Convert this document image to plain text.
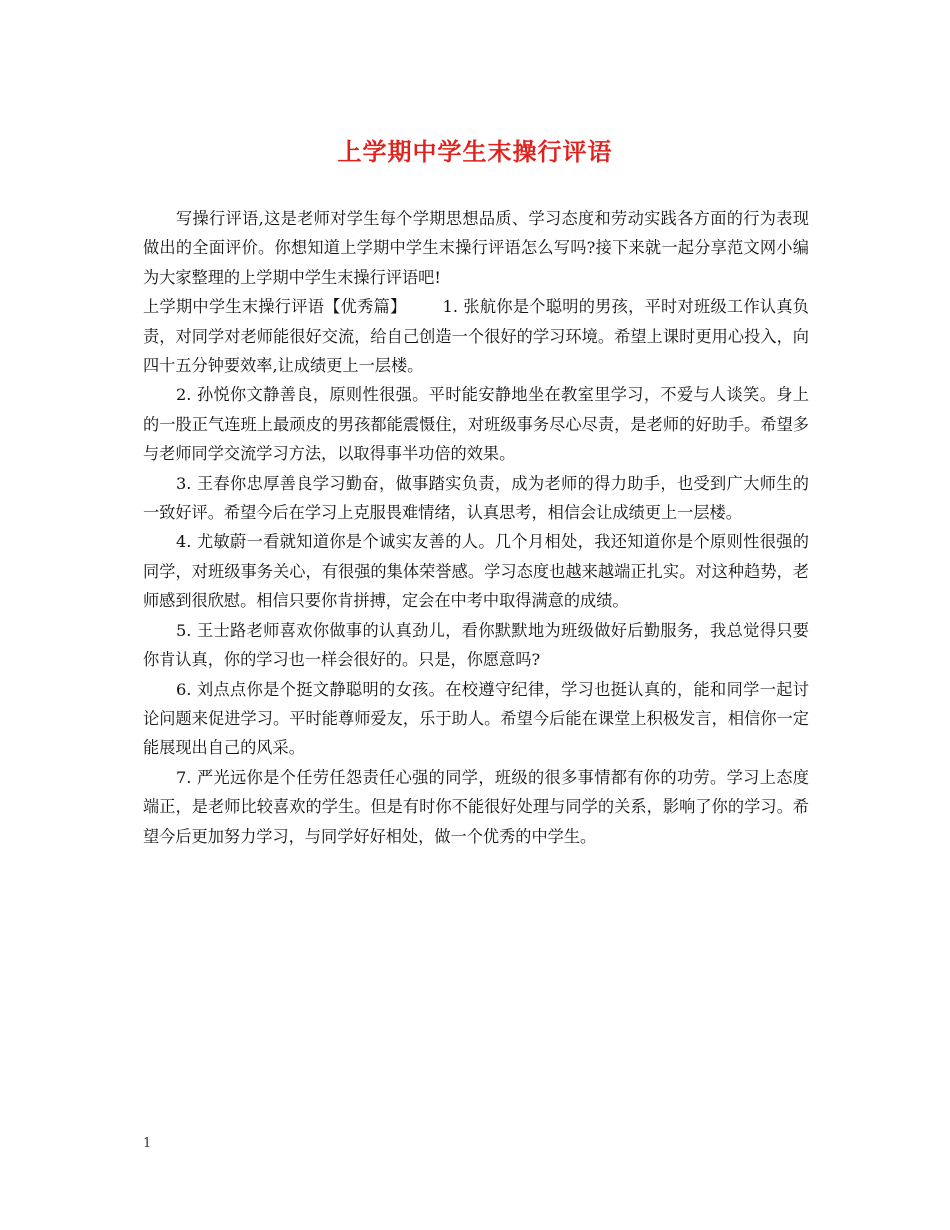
上学期中学生末操行评语

写操行评语,这是老师对学生每个学期思想品质、学习态度和劳动实践各方面的行为表现做出的全面评价。你想知道上学期中学生末操行评语怎么写吗?接下来就一起分享范文网小编为大家整理的上学期中学生末操行评语吧!

上学期中学生末操行评语【优秀篇】 1. 张航你是个聪明的男孩，平时对班级工作认真负责，对同学对老师能很好交流，给自己创造一个很好的学习环境。希望上课时更用心投入，向四十五分钟要效率,让成绩更上一层楼。

2. 孙悦你文静善良，原则性很强。平时能安静地坐在教室里学习，不爱与人谈笑。身上的一股正气连班上最顽皮的男孩都能震慑住，对班级事务尽心尽责，是老师的好助手。希望多与老师同学交流学习方法，以取得事半功倍的效果。

3. 王春你忠厚善良学习勤奋，做事踏实负责，成为老师的得力助手，也受到广大师生的一致好评。希望今后在学习上克服畏难情绪，认真思考，相信会让成绩更上一层楼。

4. 尤敏蔚一看就知道你是个诚实友善的人。几个月相处，我还知道你是个原则性很强的同学，对班级事务关心，有很强的集体荣誉感。学习态度也越来越端正扎实。对这种趋势，老师感到很欣慰。相信只要你肯拼搏，定会在中考中取得满意的成绩。

5. 王士路老师喜欢你做事的认真劲儿，看你默默地为班级做好后勤服务，我总觉得只要你肯认真，你的学习也一样会很好的。只是，你愿意吗?

6. 刘点点你是个挺文静聪明的女孩。在校遵守纪律，学习也挺认真的，能和同学一起讨论问题来促进学习。平时能尊师爱友，乐于助人。希望今后能在课堂上积极发言，相信你一定能展现出自己的风采。

7. 严光远你是个任劳任怨责任心强的同学，班级的很多事情都有你的功劳。学习上态度端正，是老师比较喜欢的学生。但是有时你不能很好处理与同学的关系，影响了你的学习。希望今后更加努力学习，与同学好好相处，做一个优秀的中学生。

1
